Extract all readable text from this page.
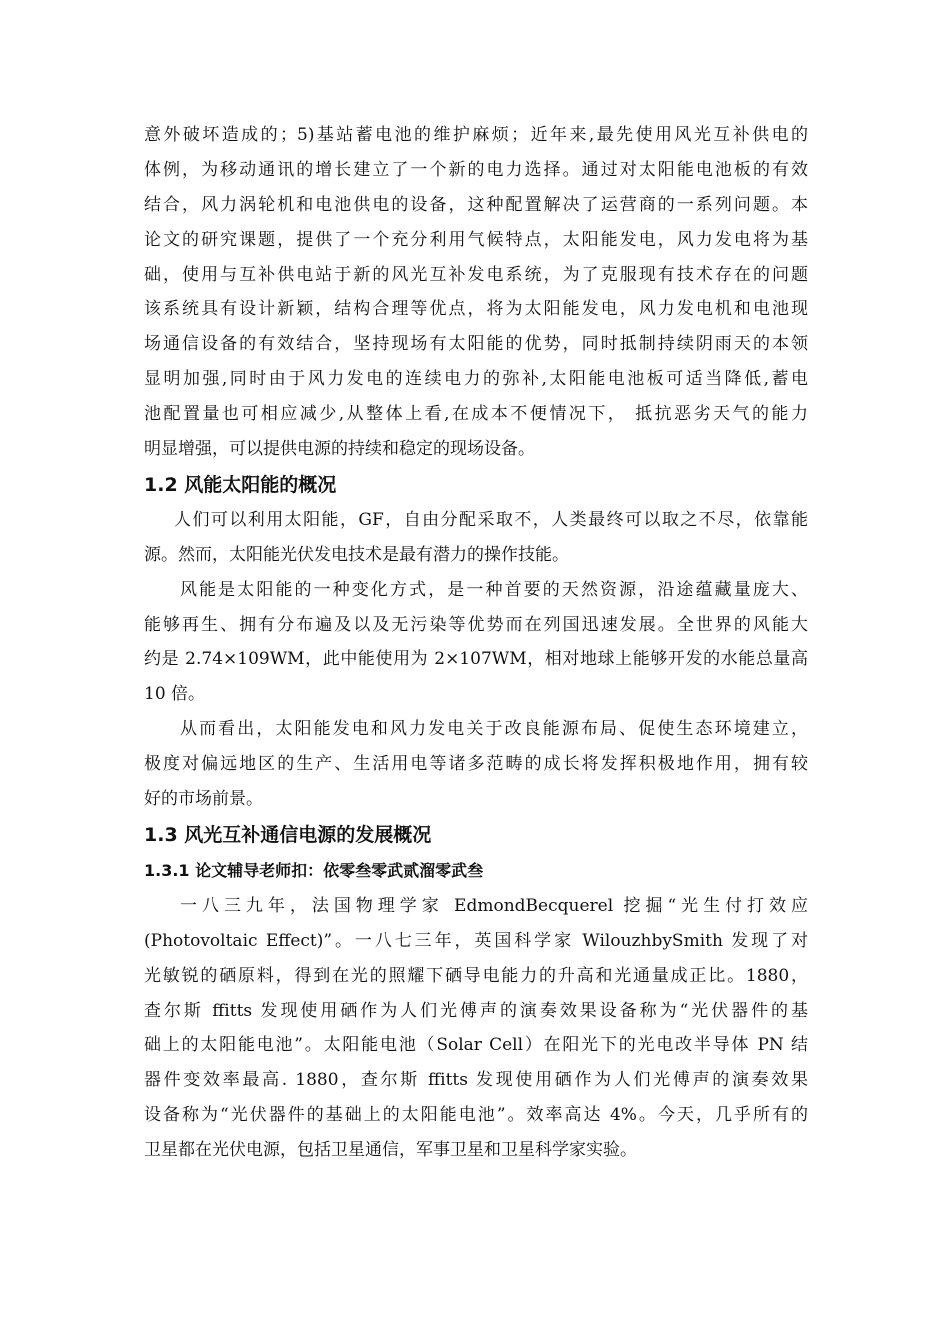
意外破坏造成的；5)基站蓄电池的维护麻烦；近年来,最先使用风光互补供电的
体例，为移动通讯的增长建立了一个新的电力选择。通过对太阳能电池板的有效
结合，风力涡轮机和电池供电的设备，这种配置解决了运营商的一系列问题。本
论文的研究课题，提供了一个充分利用气候特点，太阳能发电，风力发电将为基
础，使用与互补供电站于新的风光互补发电系统，为了克服现有技术存在的问题
该系统具有设计新颖，结构合理等优点，将为太阳能发电，风力发电机和电池现
场通信设备的有效结合，坚持现场有太阳能的优势，同时抵制持续阴雨天的本领
显明加强,同时由于风力发电的连续电力的弥补,太阳能电池板可适当降低,蓄电
池配置量也可相应减少,从整体上看,在成本不便情况下， 抵抗恶劣天气的能力
明显增强，可以提供电源的持续和稳定的现场设备。
1.2 风能太阳能的概况
人们可以利用太阳能，GF，自由分配采取不，人类最终可以取之不尽，依靠能
源。然而，太阳能光伏发电技术是最有潜力的操作技能。
风能是太阳能的一种变化方式，是一种首要的天然资源，沿途蕴藏量庞大、
能够再生、拥有分布遍及以及无污染等优势而在列国迅速发展。全世界的风能大
约是 2.74×109WM，此中能使用为 2×107WM，相对地球上能够开发的水能总量高
10 倍。
从而看出，太阳能发电和风力发电关于改良能源布局、促使生态环境建立，
极度对偏远地区的生产、生活用电等诸多范畴的成长将发挥积极地作用，拥有较
好的市场前景。
1.3 风光互补通信电源的发展概况
1.3.1 论文辅导老师扣：依零叁零武贰溜零武叁
一八三九年，法国物理学家 EdmondBecquerel 挖掘“光生付打效应
(Photovoltaic Effect)”。一八七三年，英国科学家 WilouzhbySmith 发现了对
光敏锐的硒原料，得到在光的照耀下硒导电能力的升高和光通量成正比。1880，
查尔斯 ffitts 发现使用硒作为人们光傅声的演奏效果设备称为“光伏器件的基
础上的太阳能电池”。太阳能电池（Solar Cell）在阳光下的光电改半导体 PN 结
器件变效率最高. 1880，查尔斯 ffitts 发现使用硒作为人们光傅声的演奏效果
设备称为“光伏器件的基础上的太阳能电池”。效率高达 4%。今天，几乎所有的
卫星都在光伏电源，包括卫星通信，军事卫星和卫星科学家实验。
